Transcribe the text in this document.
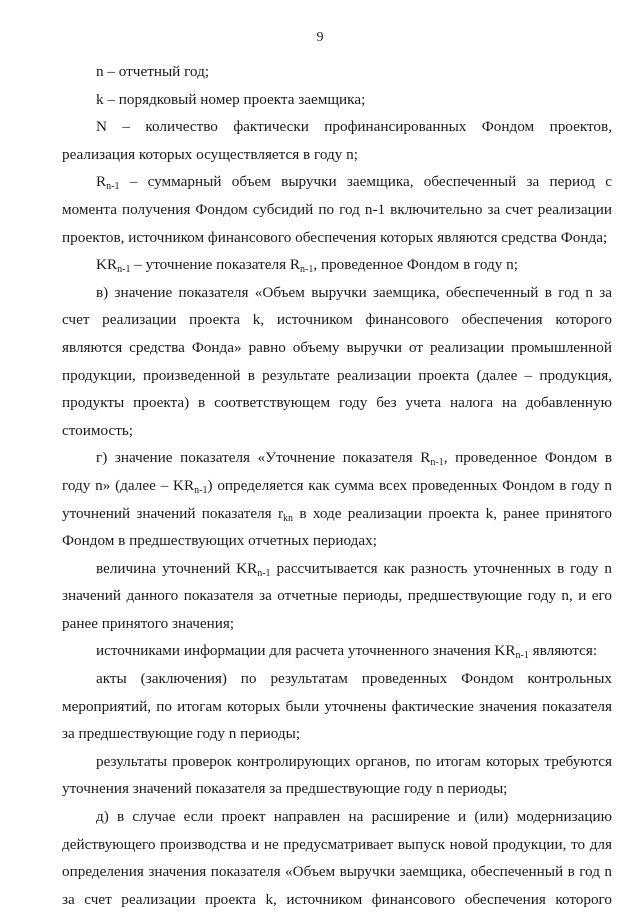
9

n – отчетный год;

k – порядковый номер проекта заемщика;

N – количество фактически профинансированных Фондом проектов, реализация которых осуществляется в году n;

$R_{n-1}$ – суммарный объем выручки заемщика, обеспеченный за период с момента получения Фондом субсидий по год n-1 включительно за счет реализации проектов, источником финансового обеспечения которых являются средства Фонда;

$KR_{n-1}$ – уточнение показателя $R_{n-1}$, проведенное Фондом в году n;

в) значение показателя «Объем выручки заемщика, обеспеченный в год n за счет реализации проекта k, источником финансового обеспечения которого являются средства Фонда» равно объему выручки от реализации промышленной продукции, произведенной в результате реализации проекта (далее – продукция, продукты проекта) в соответствующем году без учета налога на добавленную стоимость;

г) значение показателя «Уточнение показателя $R_{n-1}$, проведенное Фондом в году n» (далее – $KR_{n-1}$) определяется как сумма всех проведенных Фондом в году n уточнений значений показателя $r_{kn}$ в ходе реализации проекта k, ранее принятого Фондом в предшествующих отчетных периодах;

величина уточнений $KR_{n-1}$ рассчитывается как разность уточненных в году n значений данного показателя за отчетные периоды, предшествующие году n, и его ранее принятого значения;

источниками информации для расчета уточненного значения $KR_{n-1}$ являются:

акты (заключения) по результатам проведенных Фондом контрольных мероприятий, по итогам которых были уточнены фактические значения показателя за предшествующие году n периоды;

результаты проверок контролирующих органов, по итогам которых требуются уточнения значений показателя за предшествующие году n периоды;

д) в случае если проект направлен на расширение и (или) модернизацию действующего производства и не предусматривает выпуск новой продукции, то для определения значения показателя «Объем выручки заемщика, обеспеченный в год n за счет реализации проекта k, источником финансового обеспечения которого
